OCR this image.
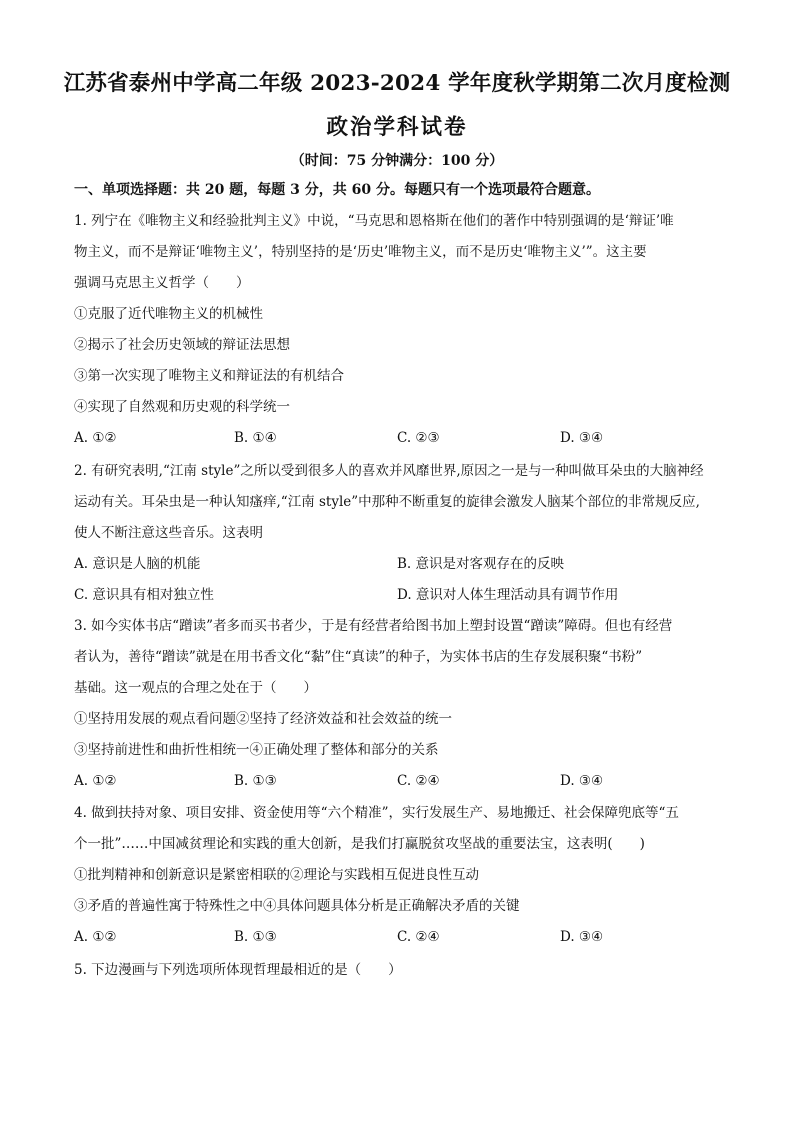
江苏省泰州中学高二年级 2023-2024 学年度秋学期第二次月度检测
政治学科试卷
（时间：75 分钟满分：100 分）
一、单项选择题：共 20 题，每题 3 分，共 60 分。每题只有一个选项最符合题意。
1. 列宁在《唯物主义和经验批判主义》中说，“马克思和恩格斯在他们的著作中特别强调的是‘辩证’唯
物主义，而不是辩证‘唯物主义’，特别坚持的是‘历史’唯物主义，而不是历史‘唯物主义’”。这主要
强调马克思主义哲学（　　）
①克服了近代唯物主义的机械性
②揭示了社会历史领域的辩证法思想
③第一次实现了唯物主义和辩证法的有机结合
④实现了自然观和历史观的科学统一
A. ①②	B. ①④	C. ②③	D. ③④
2. 有研究表明,“江南 style”之所以受到很多人的喜欢并风靡世界,原因之一是与一种叫做耳朵虫的大脑神经
运动有关。耳朵虫是一种认知瘙痒,“江南 style”中那种不断重复的旋律会激发人脑某个部位的非常规反应,
使人不断注意这些音乐。这表明
A. 意识是人脑的机能	B. 意识是对客观存在的反映
C. 意识具有相对独立性	D. 意识对人体生理活动具有调节作用
3. 如今实体书店“蹭读”者多而买书者少，于是有经营者给图书加上塑封设置“蹭读”障碍。但也有经营
者认为，善待“蹭读”就是在用书香文化“黏”住“真读”的种子，为实体书店的生存发展积聚“书粉”
基础。这一观点的合理之处在于（　　）
①坚持用发展的观点看问题②坚持了经济效益和社会效益的统一
③坚持前进性和曲折性相统一④正确处理了整体和部分的关系
A. ①②	B. ①③	C. ②④	D. ③④
4. 做到扶持对象、项目安排、资金使用等“六个精准”，实行发展生产、易地搬迁、社会保障兜底等“五
个一批”……中国减贫理论和实践的重大创新，是我们打赢脱贫攻坚战的重要法宝，这表明(　　)
①批判精神和创新意识是紧密相联的②理论与实践相互促进良性互动
③矛盾的普遍性寓于特殊性之中④具体问题具体分析是正确解决矛盾的关键
A. ①②	B. ①③	C. ②④	D. ③④
5. 下边漫画与下列选项所体现哲理最相近的是（　　）
